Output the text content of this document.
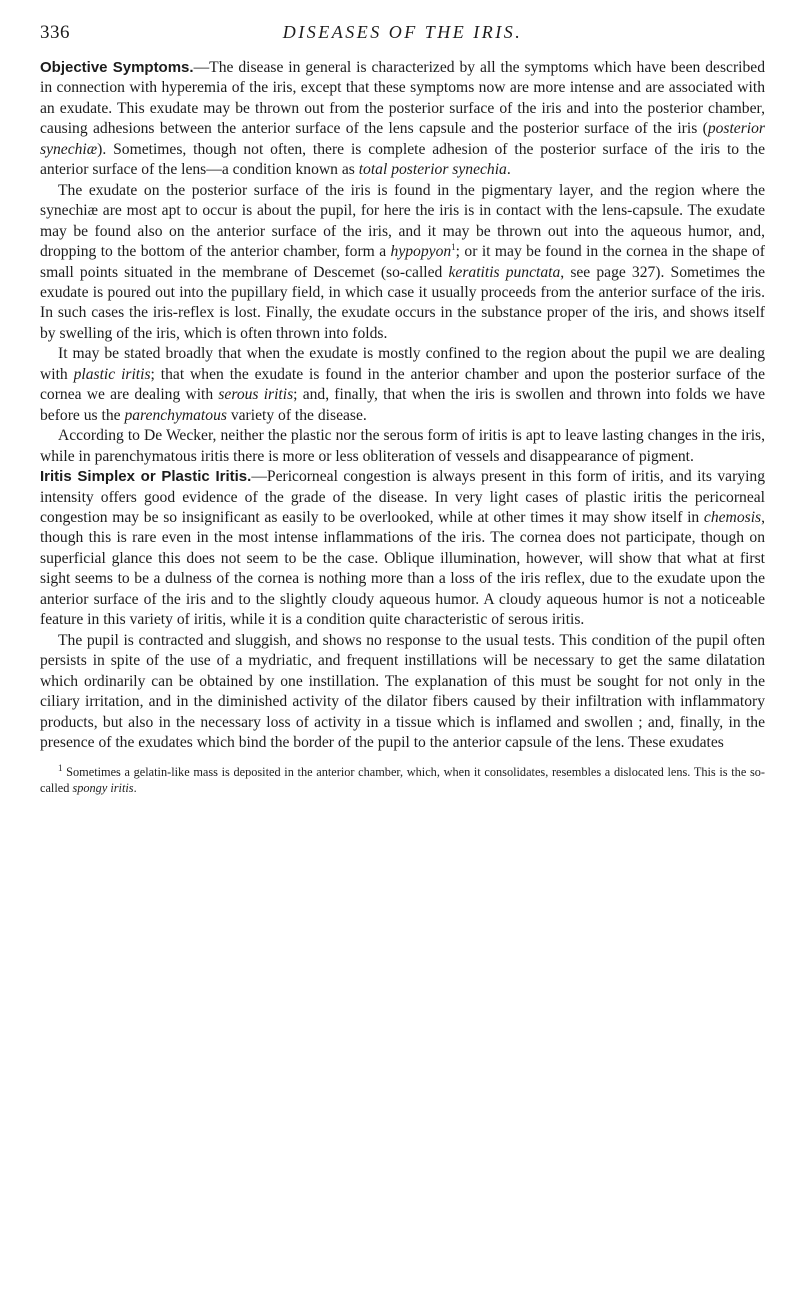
336	DISEASES OF THE IRIS.

Objective Symptoms.—The disease in general is characterized by all the symptoms which have been described in connection with hyperemia of the iris, except that these symptoms now are more intense and are associated with an exudate. This exudate may be thrown out from the posterior surface of the iris and into the posterior chamber, causing adhesions between the anterior surface of the lens capsule and the posterior surface of the iris (posterior synechiæ). Sometimes, though not often, there is complete adhesion of the posterior surface of the iris to the anterior surface of the lens—a condition known as total posterior synechia.

The exudate on the posterior surface of the iris is found in the pigmentary layer, and the region where the synechiæ are most apt to occur is about the pupil, for here the iris is in contact with the lens-capsule. The exudate may be found also on the anterior surface of the iris, and it may be thrown out into the aqueous humor, and, dropping to the bottom of the anterior chamber, form a hypopyon$^1$; or it may be found in the cornea in the shape of small points situated in the membrane of Descemet (so-called keratitis punctata, see page 327). Sometimes the exudate is poured out into the pupillary field, in which case it usually proceeds from the anterior surface of the iris. In such cases the iris-reflex is lost. Finally, the exudate occurs in the substance proper of the iris, and shows itself by swelling of the iris, which is often thrown into folds.

It may be stated broadly that when the exudate is mostly confined to the region about the pupil we are dealing with plastic iritis; that when the exudate is found in the anterior chamber and upon the posterior surface of the cornea we are dealing with serous iritis; and, finally, that when the iris is swollen and thrown into folds we have before us the parenchymatous variety of the disease.

According to De Wecker, neither the plastic nor the serous form of iritis is apt to leave lasting changes in the iris, while in parenchymatous iritis there is more or less obliteration of vessels and disappearance of pigment.

Iritis Simplex or Plastic Iritis.—Pericorneal congestion is always present in this form of iritis, and its varying intensity offers good evidence of the grade of the disease. In very light cases of plastic iritis the pericorneal congestion may be so insignificant as easily to be overlooked, while at other times it may show itself in chemosis, though this is rare even in the most intense inflammations of the iris. The cornea does not participate, though on superficial glance this does not seem to be the case. Oblique illumination, however, will show that what at first sight seems to be a dulness of the cornea is nothing more than a loss of the iris reflex, due to the exudate upon the anterior surface of the iris and to the slightly cloudy aqueous humor. A cloudy aqueous humor is not a noticeable feature in this variety of iritis, while it is a condition quite characteristic of serous iritis.

The pupil is contracted and sluggish, and shows no response to the usual tests. This condition of the pupil often persists in spite of the use of a mydriatic, and frequent instillations will be necessary to get the same dilatation which ordinarily can be obtained by one instillation. The explanation of this must be sought for not only in the ciliary irritation, and in the diminished activity of the dilator fibers caused by their infiltration with inflammatory products, but also in the necessary loss of activity in a tissue which is inflamed and swollen ; and, finally, in the presence of the exudates which bind the border of the pupil to the anterior capsule of the lens. These exudates

$^1$ Sometimes a gelatin-like mass is deposited in the anterior chamber, which, when it consolidates, resembles a dislocated lens. This is the so-called spongy iritis.
